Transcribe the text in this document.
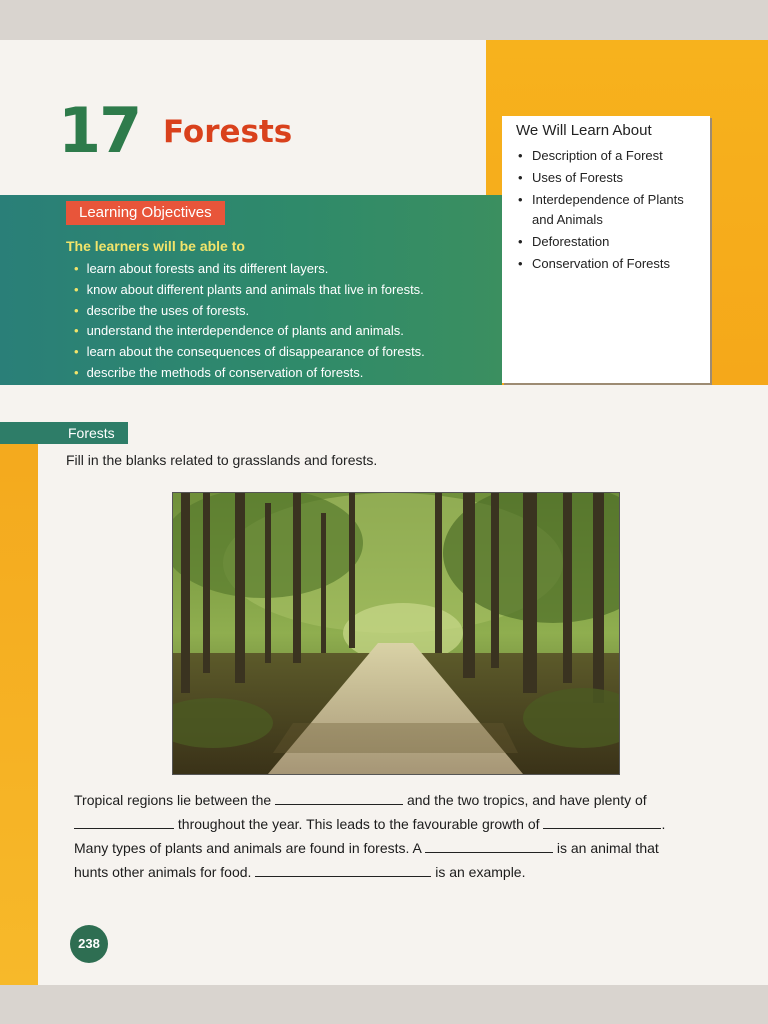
17 Forests
Learning Objectives
The learners will be able to
• learn about forests and its different layers.
• know about different plants and animals that live in forests.
• describe the uses of forests.
• understand the interdependence of plants and animals.
• learn about the consequences of disappearance of forests.
• describe the methods of conservation of forests.
We Will Learn About
• Description of a Forest
• Uses of Forests
• Interdependence of Plants and Animals
• Deforestation
• Conservation of Forests
Forests
Fill in the blanks related to grasslands and forests.
Tropical regions lie between the	and the two tropics, and have plenty of
throughout the year. This leads to the favourable growth of	.
Many types of plants and animals are found in forests. A	is an animal that
hunts other animals for food.	is an example.
238
